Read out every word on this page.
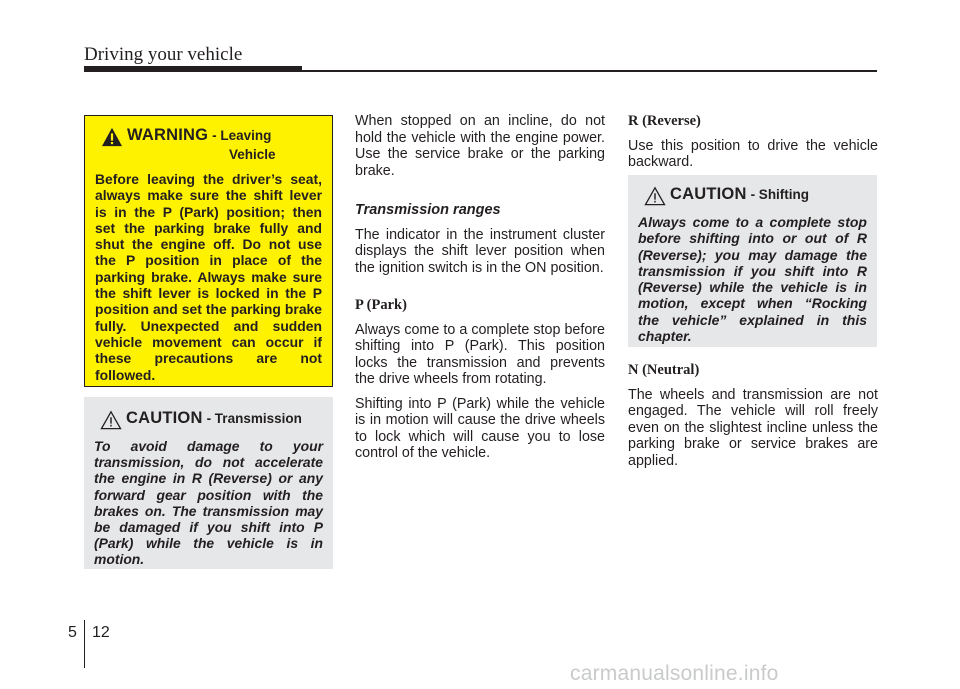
Driving your vehicle
WARNING - Leaving
Vehicle

Before leaving the driver’s seat, always make sure the shift lever is in the P (Park) position; then set the parking brake fully and shut the engine off. Do not use the P position in place of the parking brake. Always make sure the shift lever is locked in the P position and set the parking brake fully. Unexpected and sudden vehicle movement can occur if these precautions are not followed.

CAUTION - Transmission

To avoid damage to your transmission, do not accelerate the engine in R (Reverse) or any forward gear position with the brakes on. The transmission may be damaged if you shift into P (Park) while the vehicle is in motion.

When stopped on an incline, do not hold the vehicle with the engine power. Use the service brake or the parking brake.

Transmission ranges

The indicator in the instrument cluster displays the shift lever position when the ignition switch is in the ON position.

P (Park)

Always come to a complete stop before shifting into P (Park). This position locks the transmission and prevents the drive wheels from rotating.

Shifting into P (Park) while the vehicle is in motion will cause the drive wheels to lock which will cause you to lose control of the vehicle.

R (Reverse)

Use this position to drive the vehicle backward.

CAUTION - Shifting

Always come to a complete stop before shifting into or out of R (Reverse); you may damage the transmission if you shift into R (Reverse) while the vehicle is in motion, except when “Rocking the vehicle” explained in this chapter.

N (Neutral)

The wheels and transmission are not engaged. The vehicle will roll freely even on the slightest incline unless the parking brake or service brakes are applied.

5 12
carmanualsonline.info
